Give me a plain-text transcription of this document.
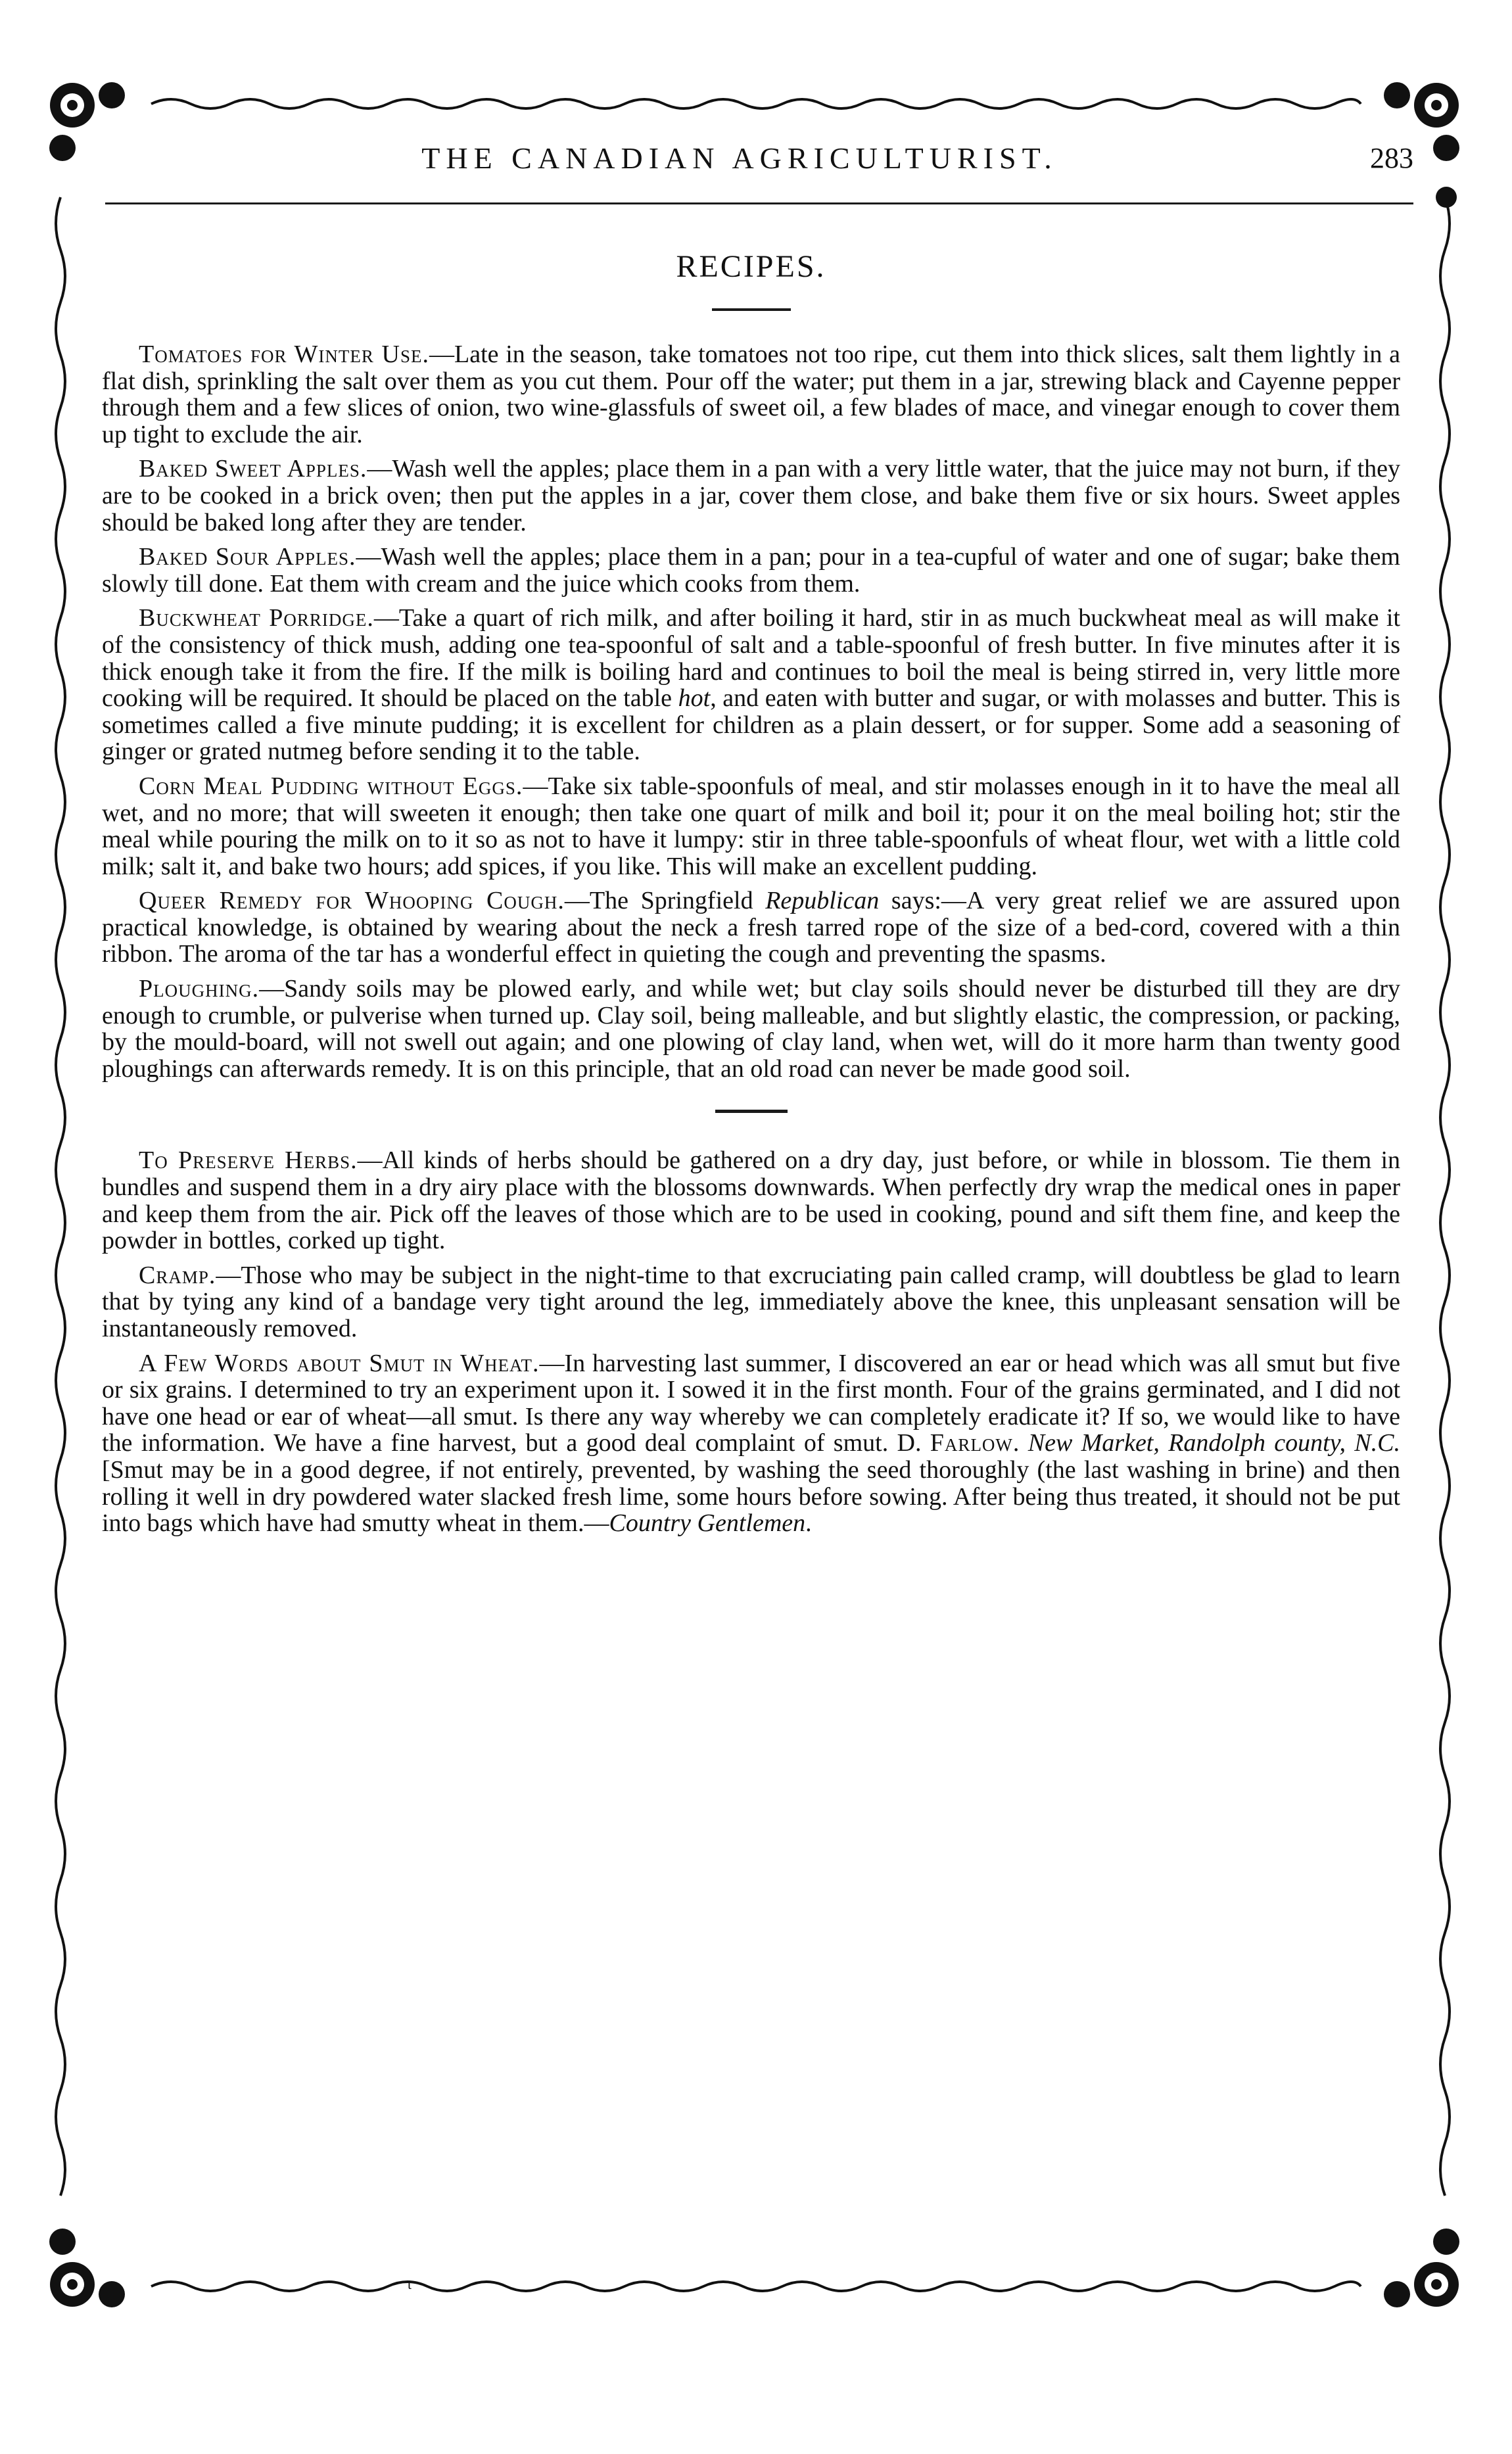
THE CANADIAN AGRICULTURIST.	283
RECIPES.

Tomatoes for Winter Use.—Late in the season, take tomatoes not too ripe, cut them into thick slices, salt them lightly in a flat dish, sprinkling the salt over them as you cut them. Pour off the water; put them in a jar, strewing black and Cayenne pepper through them and a few slices of onion, two wine-glassfuls of sweet oil, a few blades of mace, and vinegar enough to cover them up tight to exclude the air.

Baked Sweet Apples.—Wash well the apples; place them in a pan with a very little water, that the juice may not burn, if they are to be cooked in a brick oven; then put the apples in a jar, cover them close, and bake them five or six hours. Sweet apples should be baked long after they are tender.

Baked Sour Apples.—Wash well the apples; place them in a pan; pour in a tea-cupful of water and one of sugar; bake them slowly till done. Eat them with cream and the juice which cooks from them.

Buckwheat Porridge.—Take a quart of rich milk, and after boiling it hard, stir in as much buckwheat meal as will make it of the consistency of thick mush, adding one tea-spoonful of salt and a table-spoonful of fresh butter. In five minutes after it is thick enough take it from the fire. If the milk is boiling hard and continues to boil the meal is being stirred in, very little more cooking will be required. It should be placed on the table hot, and eaten with butter and sugar, or with molasses and butter. This is sometimes called a five minute pudding; it is excellent for children as a plain dessert, or for supper. Some add a seasoning of ginger or grated nutmeg before sending it to the table.

Corn Meal Pudding without Eggs.—Take six table-spoonfuls of meal, and stir molasses enough in it to have the meal all wet, and no more; that will sweeten it enough; then take one quart of milk and boil it; pour it on the meal boiling hot; stir the meal while pouring the milk on to it so as not to have it lumpy: stir in three table-spoonfuls of wheat flour, wet with a little cold milk; salt it, and bake two hours; add spices, if you like. This will make an excellent pudding.

Queer Remedy for Whooping Cough.—The Springfield Republican says:—A very great relief we are assured upon practical knowledge, is obtained by wearing about the neck a fresh tarred rope of the size of a bed-cord, covered with a thin ribbon. The aroma of the tar has a wonderful effect in quieting the cough and preventing the spasms.

Ploughing.—Sandy soils may be plowed early, and while wet; but clay soils should never be disturbed till they are dry enough to crumble, or pulverise when turned up. Clay soil, being malleable, and but slightly elastic, the compression, or packing, by the mould-board, will not swell out again; and one plowing of clay land, when wet, will do it more harm than twenty good ploughings can afterwards remedy. It is on this principle, that an old road can never be made good soil.

To Preserve Herbs.—All kinds of herbs should be gathered on a dry day, just before, or while in blossom. Tie them in bundles and suspend them in a dry airy place with the blossoms downwards. When perfectly dry wrap the medical ones in paper and keep them from the air. Pick off the leaves of those which are to be used in cooking, pound and sift them fine, and keep the powder in bottles, corked up tight.

Cramp.—Those who may be subject in the night-time to that excruciating pain called cramp, will doubtless be glad to learn that by tying any kind of a bandage very tight around the leg, immediately above the knee, this unpleasant sensation will be instantaneously removed.

A Few Words about Smut in Wheat.—In harvesting last summer, I discovered an ear or head which was all smut but five or six grains. I determined to try an experiment upon it. I sowed it in the first month. Four of the grains germinated, and I did not have one head or ear of wheat—all smut. Is there any way whereby we can completely eradicate it? If so, we would like to have the information. We have a fine harvest, but a good deal complaint of smut. D. Farlow. New Market, Randolph county, N.C. [Smut may be in a good degree, if not entirely, prevented, by washing the seed thoroughly (the last washing in brine) and then rolling it well in dry powdered water slacked fresh lime, some hours before sowing. After being thus treated, it should not be put into bags which have had smutty wheat in them.—Country Gentlemen.

t
